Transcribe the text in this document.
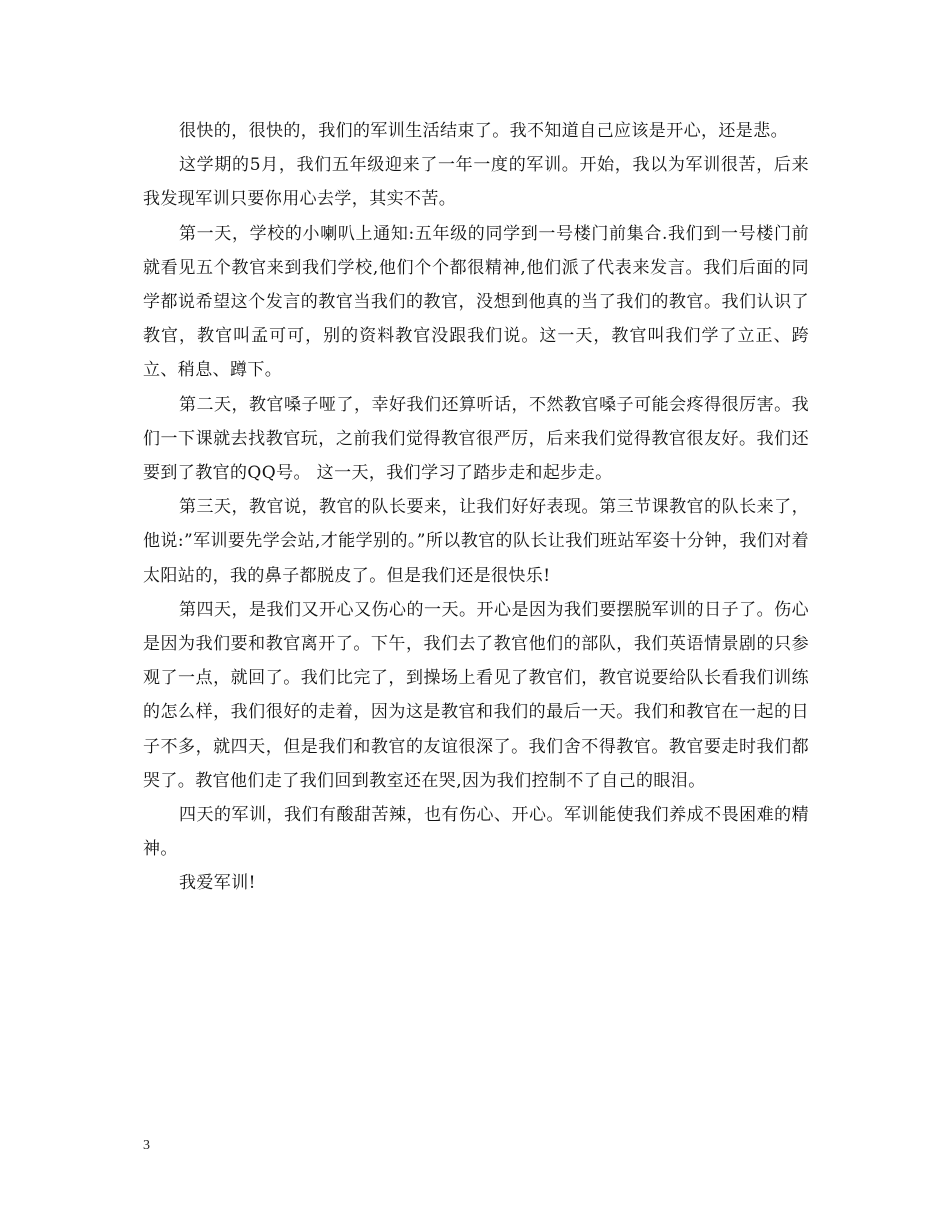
很快的，很快的，我们的军训生活结束了。我不知道自己应该是开心，还是悲。

这学期的5月，我们五年级迎来了一年一度的军训。开始，我以为军训很苦，后来我发现军训只要你用心去学，其实不苦。

第一天，学校的小喇叭上通知:五年级的同学到一号楼门前集合.我们到一号楼门前就看见五个教官来到我们学校,他们个个都很精神,他们派了代表来发言。我们后面的同学都说希望这个发言的教官当我们的教官，没想到他真的当了我们的教官。我们认识了教官，教官叫孟可可，别的资料教官没跟我们说。这一天，教官叫我们学了立正、跨立、稍息、蹲下。

第二天，教官嗓子哑了，幸好我们还算听话，不然教官嗓子可能会疼得很厉害。我们一下课就去找教官玩，之前我们觉得教官很严厉，后来我们觉得教官很友好。我们还要到了教官的QQ号。 这一天，我们学习了踏步走和起步走。

第三天，教官说，教官的队长要来，让我们好好表现。第三节课教官的队长来了，他说:”军训要先学会站,才能学别的。”所以教官的队长让我们班站军姿十分钟，我们对着太阳站的，我的鼻子都脱皮了。但是我们还是很快乐!

第四天，是我们又开心又伤心的一天。开心是因为我们要摆脱军训的日子了。伤心是因为我们要和教官离开了。下午，我们去了教官他们的部队，我们英语情景剧的只参观了一点，就回了。我们比完了，到操场上看见了教官们，教官说要给队长看我们训练的怎么样，我们很好的走着，因为这是教官和我们的最后一天。我们和教官在一起的日子不多，就四天，但是我们和教官的友谊很深了。我们舍不得教官。教官要走时我们都哭了。教官他们走了我们回到教室还在哭,因为我们控制不了自己的眼泪。

四天的军训，我们有酸甜苦辣，也有伤心、开心。军训能使我们养成不畏困难的精神。

我爱军训!

3
